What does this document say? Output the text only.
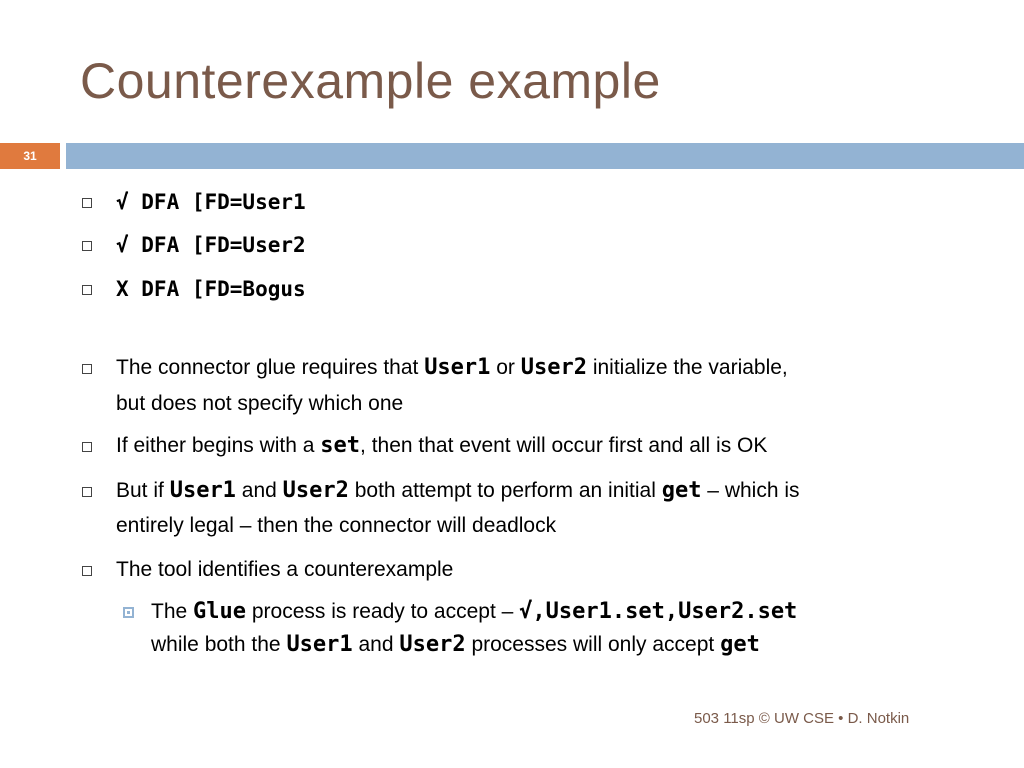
Counterexample example
31
√ DFA [FD=User1
√ DFA [FD=User2
X DFA [FD=Bogus
The connector glue requires that User1 or User2 initialize the variable,
but does not specify which one
If either begins with a set, then that event will occur first and all is OK
But if User1 and User2 both attempt to perform an initial get – which is
entirely legal – then the connector will deadlock
The tool identifies a counterexample
The Glue process is ready to accept – √,User1.set,User2.set
while both the User1 and User2 processes will only accept get
503 11sp © UW CSE • D. Notkin
